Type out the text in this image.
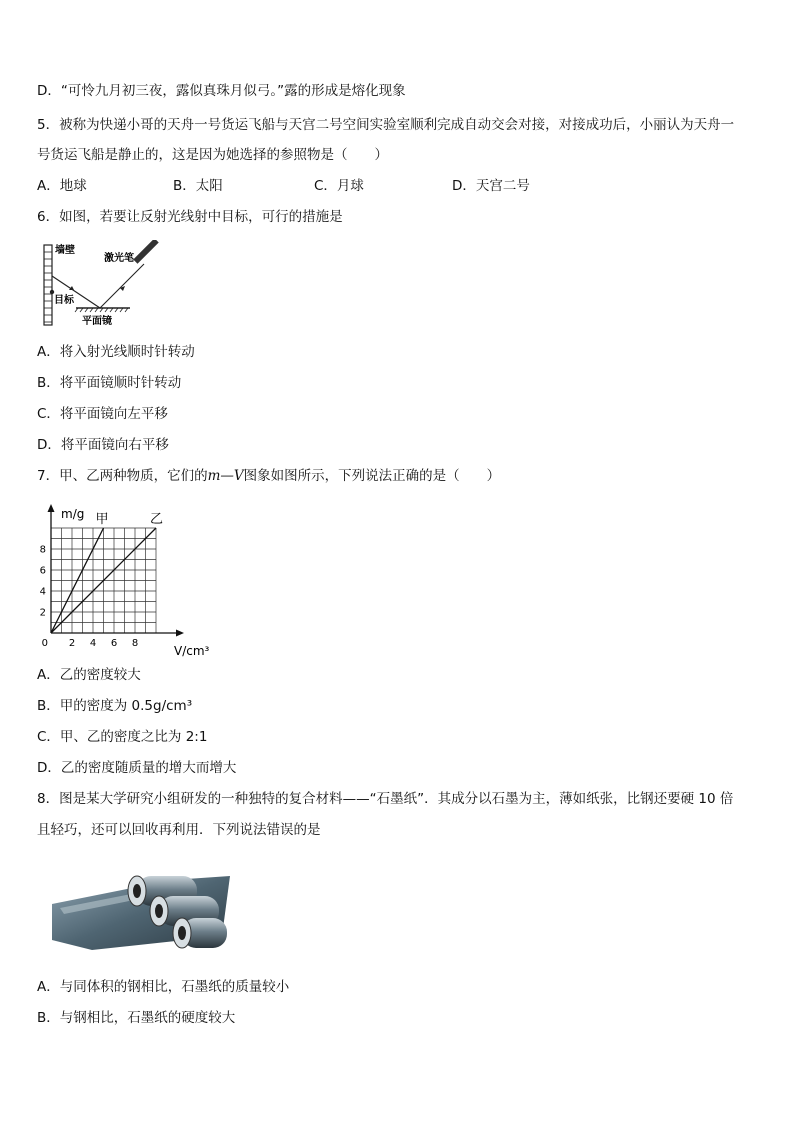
D．“可怜九月初三夜，露似真珠月似弓。”露的形成是熔化现象
5．被称为快递小哥的天舟一号货运飞船与天宫二号空间实验室顺利完成自动交会对接，对接成功后，小丽认为天舟一
号货运飞船是静止的，这是因为她选择的参照物是（　　）
A．地球	B．太阳	C．月球	D．天宫二号
6．如图，若要让反射光线射中目标，可行的措施是
墙壁
激光笔
目标
平面镜
A．将入射光线顺时针转动
B．将平面镜顺时针转动
C．将平面镜向左平移
D．将平面镜向右平移
7．甲、乙两种物质，它们的m—V图象如图所示，下列说法正确的是（　　）
甲	乙
2 4 6 8
2
4
6
8
0
V/cm³
m/g
A．乙的密度较大
B．甲的密度为 0.5g/cm³
C．甲、乙的密度之比为 2:1
D．乙的密度随质量的增大而增大
8．图是某大学研究小组研发的一种独特的复合材料——“石墨纸”．其成分以石墨为主，薄如纸张，比钢还要硬 10 倍
且轻巧，还可以回收再利用．下列说法错误的是
A．与同体积的钢相比，石墨纸的质量较小
B．与钢相比，石墨纸的硬度较大
